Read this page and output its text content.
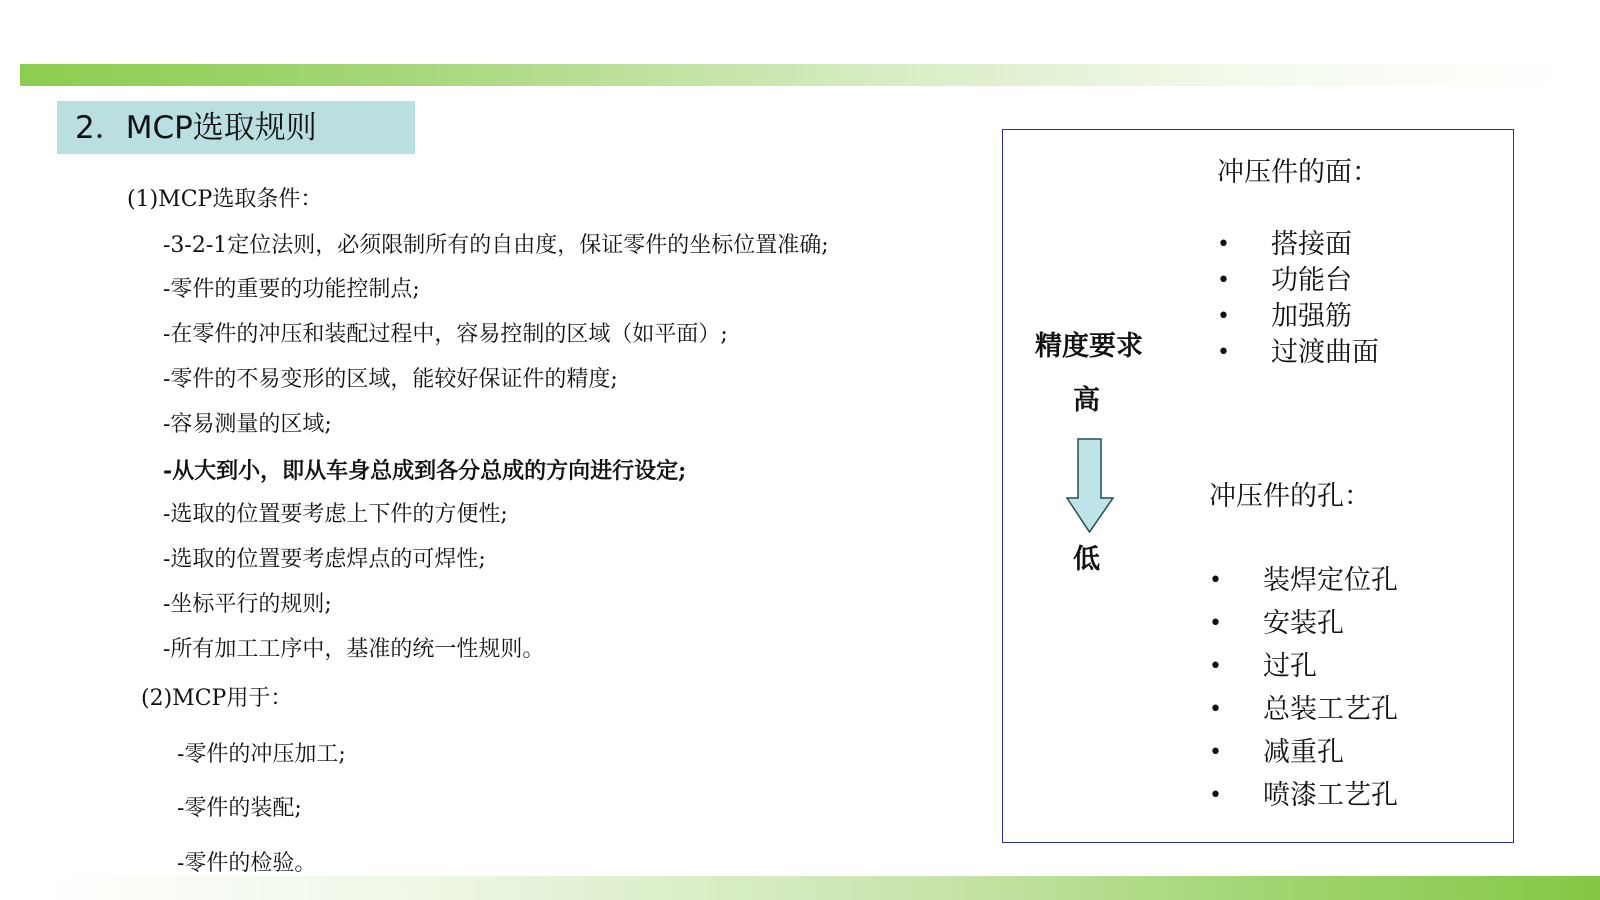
2．MCP选取规则
(1)MCP选取条件：
-3-2-1定位法则，必须限制所有的自由度，保证零件的坐标位置准确;
-零件的重要的功能控制点;
-在零件的冲压和装配过程中，容易控制的区域（如平面）;
-零件的不易变形的区域，能较好保证件的精度;
-容易测量的区域;
-从大到小，即从车身总成到各分总成的方向进行设定;
-选取的位置要考虑上下件的方便性;
-选取的位置要考虑焊点的可焊性;
-坐标平行的规则;
-所有加工工序中，基准的统一性规则。
(2)MCP用于：
-零件的冲压加工;
-零件的装配;
-零件的检验。
冲压件的面：
• 搭接面
• 功能台
• 加强筋
• 过渡曲面
精度要求
高
低
冲压件的孔：
• 装焊定位孔
• 安装孔
• 过孔
• 总装工艺孔
• 减重孔
• 喷漆工艺孔
